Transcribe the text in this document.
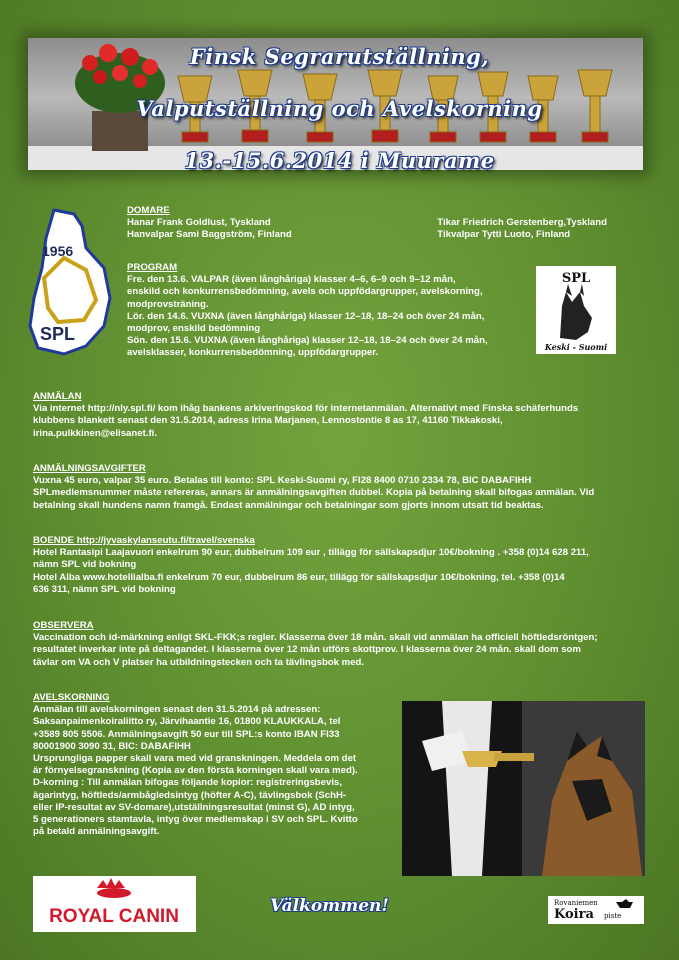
Finsk Segrarutställning,
Valputställning och Avelskorning
13.-15.6.2014 i Muurame
1956
SPL

DOMARE

Hanar Frank Goldlust, Tyskland

Hanvalpar Sami Baggström, Finland

Tikar Friedrich Gerstenberg,Tyskland

Tikvalpar Tytti Luoto, Finland

PROGRAM

Fre. den 13.6. VALPAR (även långhåriga) klasser 4–6, 6–9 och 9–12 mån,

enskild och konkurrensbedömning, avels och uppfödargrupper, avelskorning,

modprovsträning.

Lör. den 14.6. VUXNA (även långhåriga) klasser 12–18, 18–24 och över 24 mån,

modprov, enskild bedömning

Sön. den 15.6. VUXNA (även långhåriga) klasser 12–18, 18–24 och över 24 mån,

avelsklasser, konkurrensbedömning, uppfödargrupper.

SPL
Keski - Suomi

ANMÄLAN

Via internet http://nly.spl.fi/ kom ihåg bankens arkiveringskod för internetanmälan. Alternativt med Finska schäferhunds

klubbens blankett senast den 31.5.2014, adress Irina Marjanen, Lennostontie 8 as 17, 41160 Tikkakoski,

irina.pulkkinen@elisanet.fi.

ANMÄLNINGSAVGIFTER

Vuxna 45 euro, valpar 35 euro. Betalas till konto: SPL Keski-Suomi ry, FI28 8400 0710 2334 78, BIC DABAFIHH

SPLmedlemsnummer måste refereras, annars är anmälningsavgiften dubbel. Kopia på betalning skall bifogas anmälan. Vid

betalning skall hundens namn framgå. Endast anmälningar och betalningar som gjorts innom utsatt tid beaktas.

BOENDE http://jyvaskylanseutu.fi/travel/svenska

Hotel Rantasipi Laajavuori enkelrum 90 eur, dubbelrum 109 eur , tillägg för sällskapsdjur 10€/bokning . +358 (0)14 628 211,

nämn SPL vid bokning

Hotel Alba www.hotellialba.fi enkelrum 70 eur, dubbelrum 86 eur, tillägg för sällskapsdjur 10€/bokning, tel. +358 (0)14

636 311, nämn SPL vid bokning

OBSERVERA

Vaccination och id-märkning enligt SKL-FKK;s regler. Klasserna över 18 mån. skall vid anmälan ha officiell höftledsröntgen;

resultatet inverkar inte på deltagandet. I klasserna över 12 mån utförs skottprov. I klasserna över 24 mån. skall dom som

tävlar om VA och V platser ha utbildningstecken och ta tävlingsbok med.

AVELSKORNING

Anmälan till avelskorningen senast den 31.5.2014 på adressen:

Saksanpaimenkoiraliitto ry, Järvihaantie 16, 01800 KLAUKKALA, tel

+3589 805 5506. Anmälningsavgift 50 eur till SPL:s konto IBAN FI33

80001900 3090 31, BIC: DABAFIHH

Ursprungliga papper skall vara med vid granskningen. Meddela om det

är förnyelsegranskning (Kopia av den första korningen skall vara med).

D-korning : Till anmälan bifogas följande kopior: registreringsbevis,

ägarintyg, höftleds/armbågledsintyg (höfter A-C), tävlingsbok (SchH-

eller IP-resultat av SV-domare),utställningsresultat (minst G), AD intyg,

5 generationers stamtavla, intyg över medlemskap i SV och SPL. Kvitto

på betald anmälningsavgift.

ROYAL CANIN	Välkommen!	Rovaniemen
Koira piste
